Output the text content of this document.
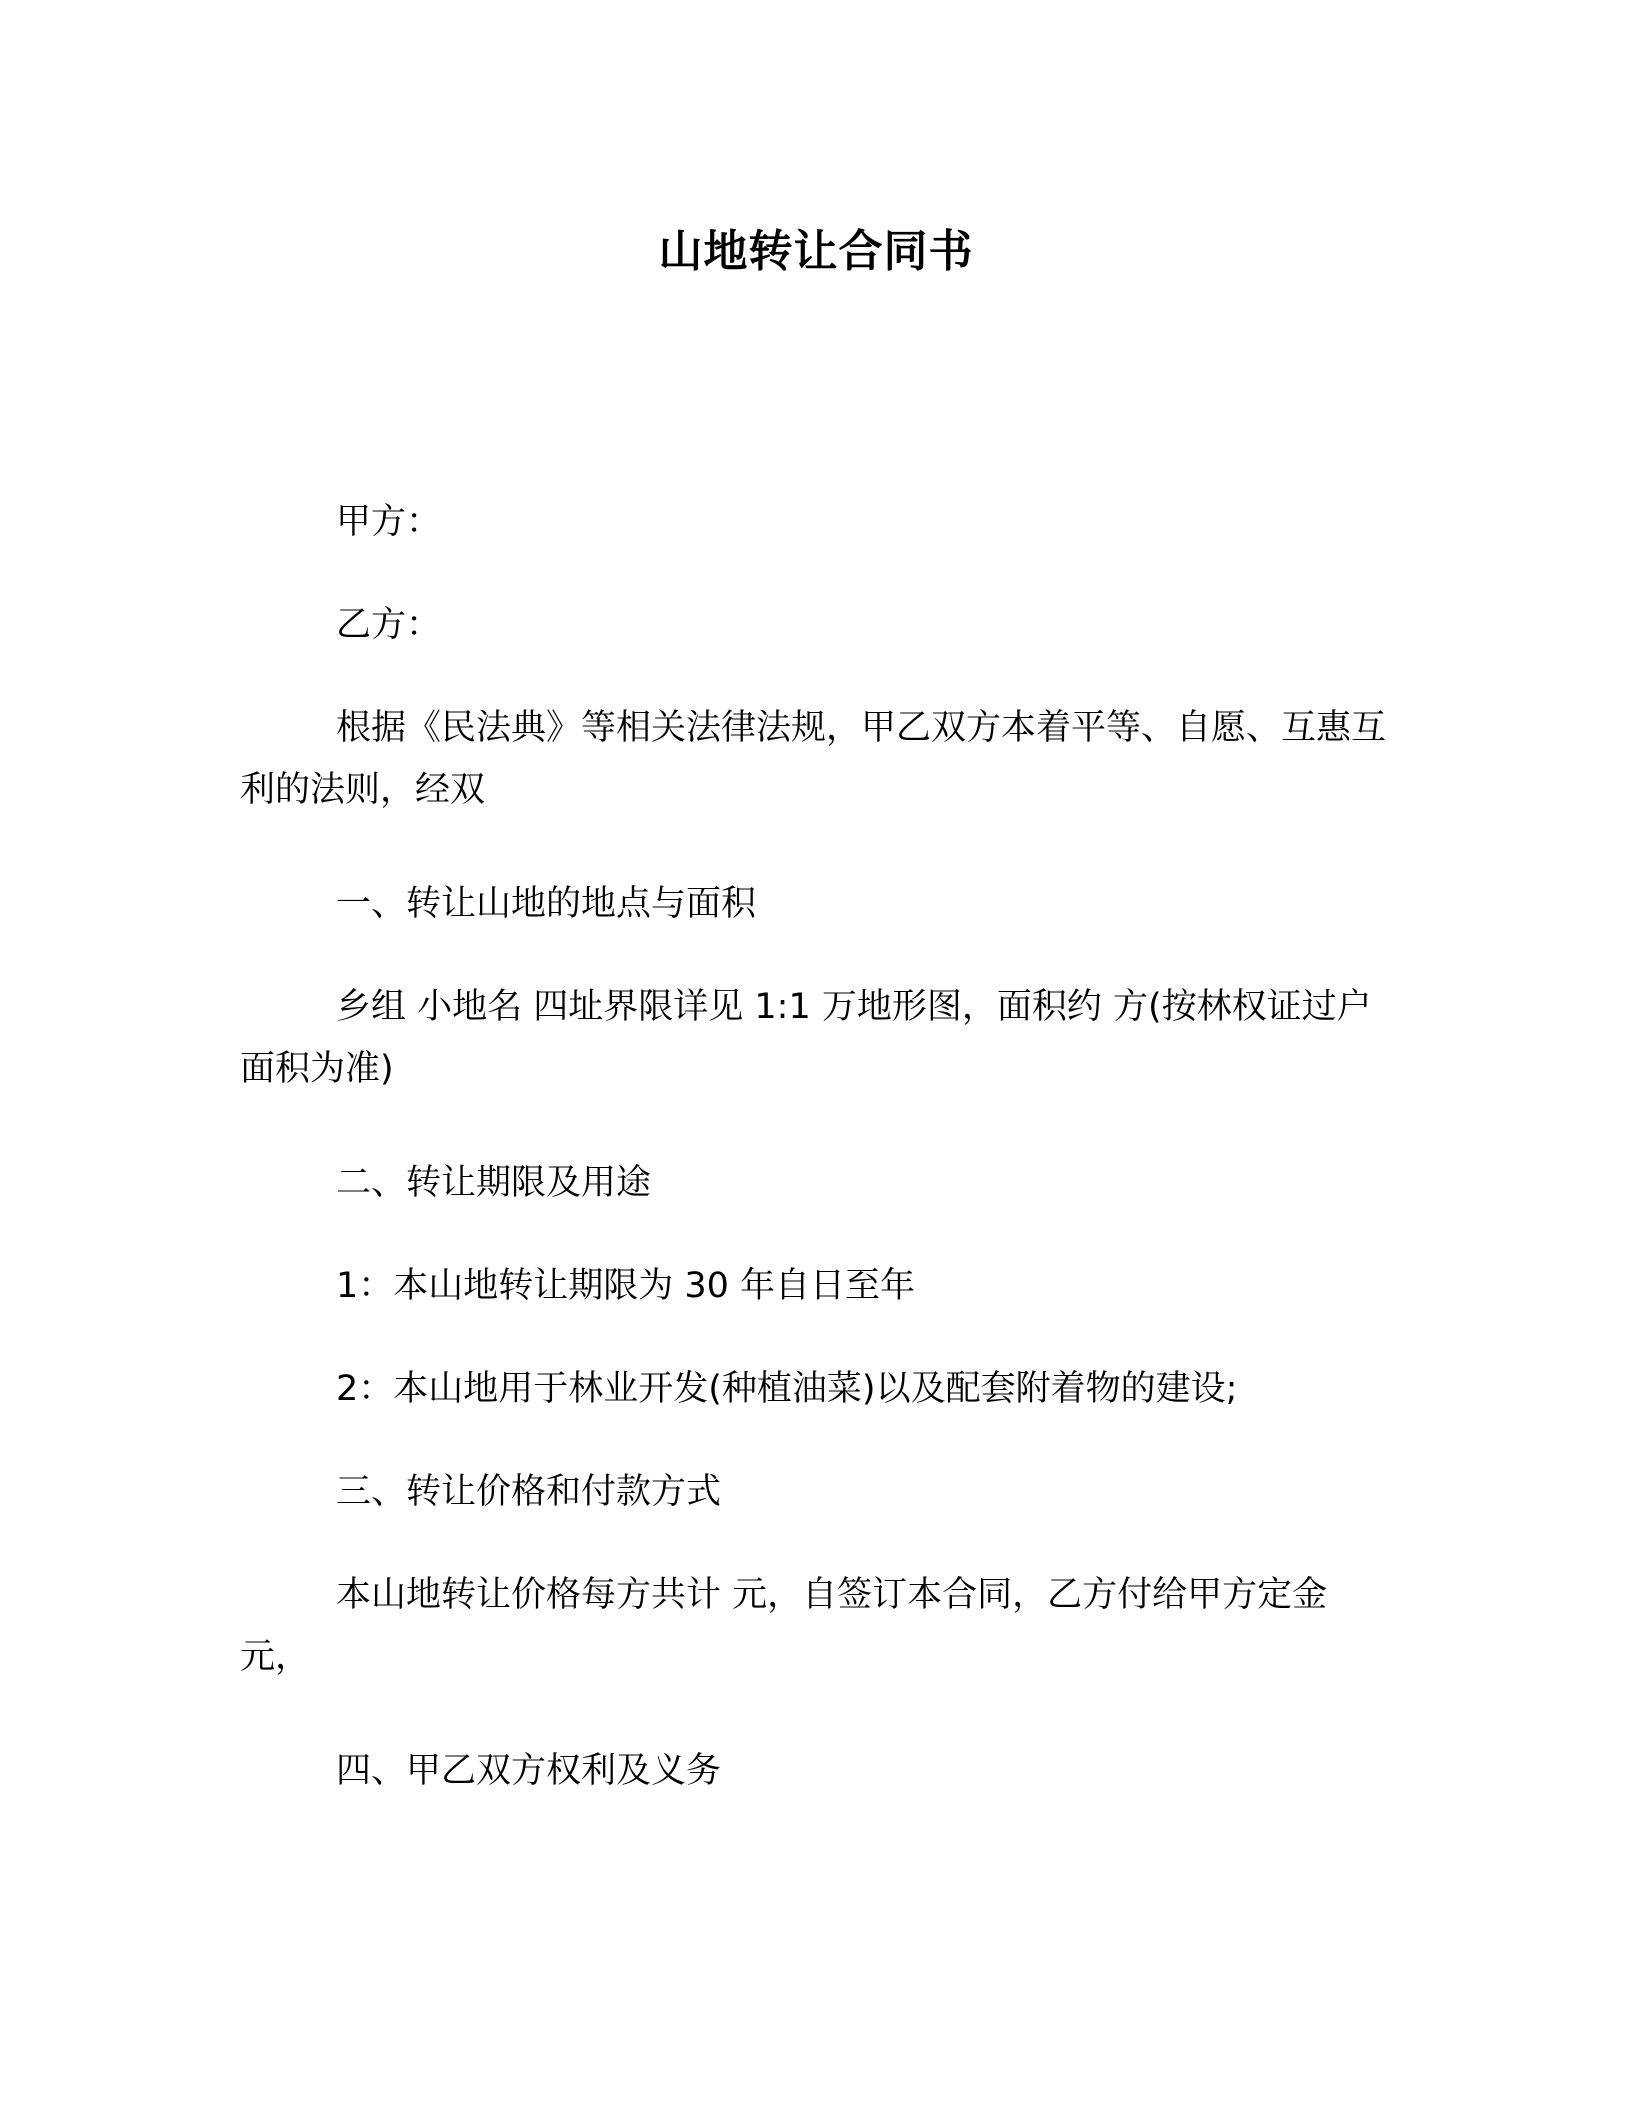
山地转让合同书
甲方：
乙方：
根据《民法典》等相关法律法规，甲乙双方本着平等、自愿、互惠互利的法则，经双
一、转让山地的地点与面积
乡组 小地名 四址界限详见 1:1 万地形图，面积约 方(按林权证过户面积为准)
二、转让期限及用途
1：本山地转让期限为 30 年自日至年
2：本山地用于林业开发(种植油菜)以及配套附着物的建设;
三、转让价格和付款方式
本山地转让价格每方共计 元，自签订本合同，乙方付给甲方定金 元，
四、甲乙双方权利及义务
